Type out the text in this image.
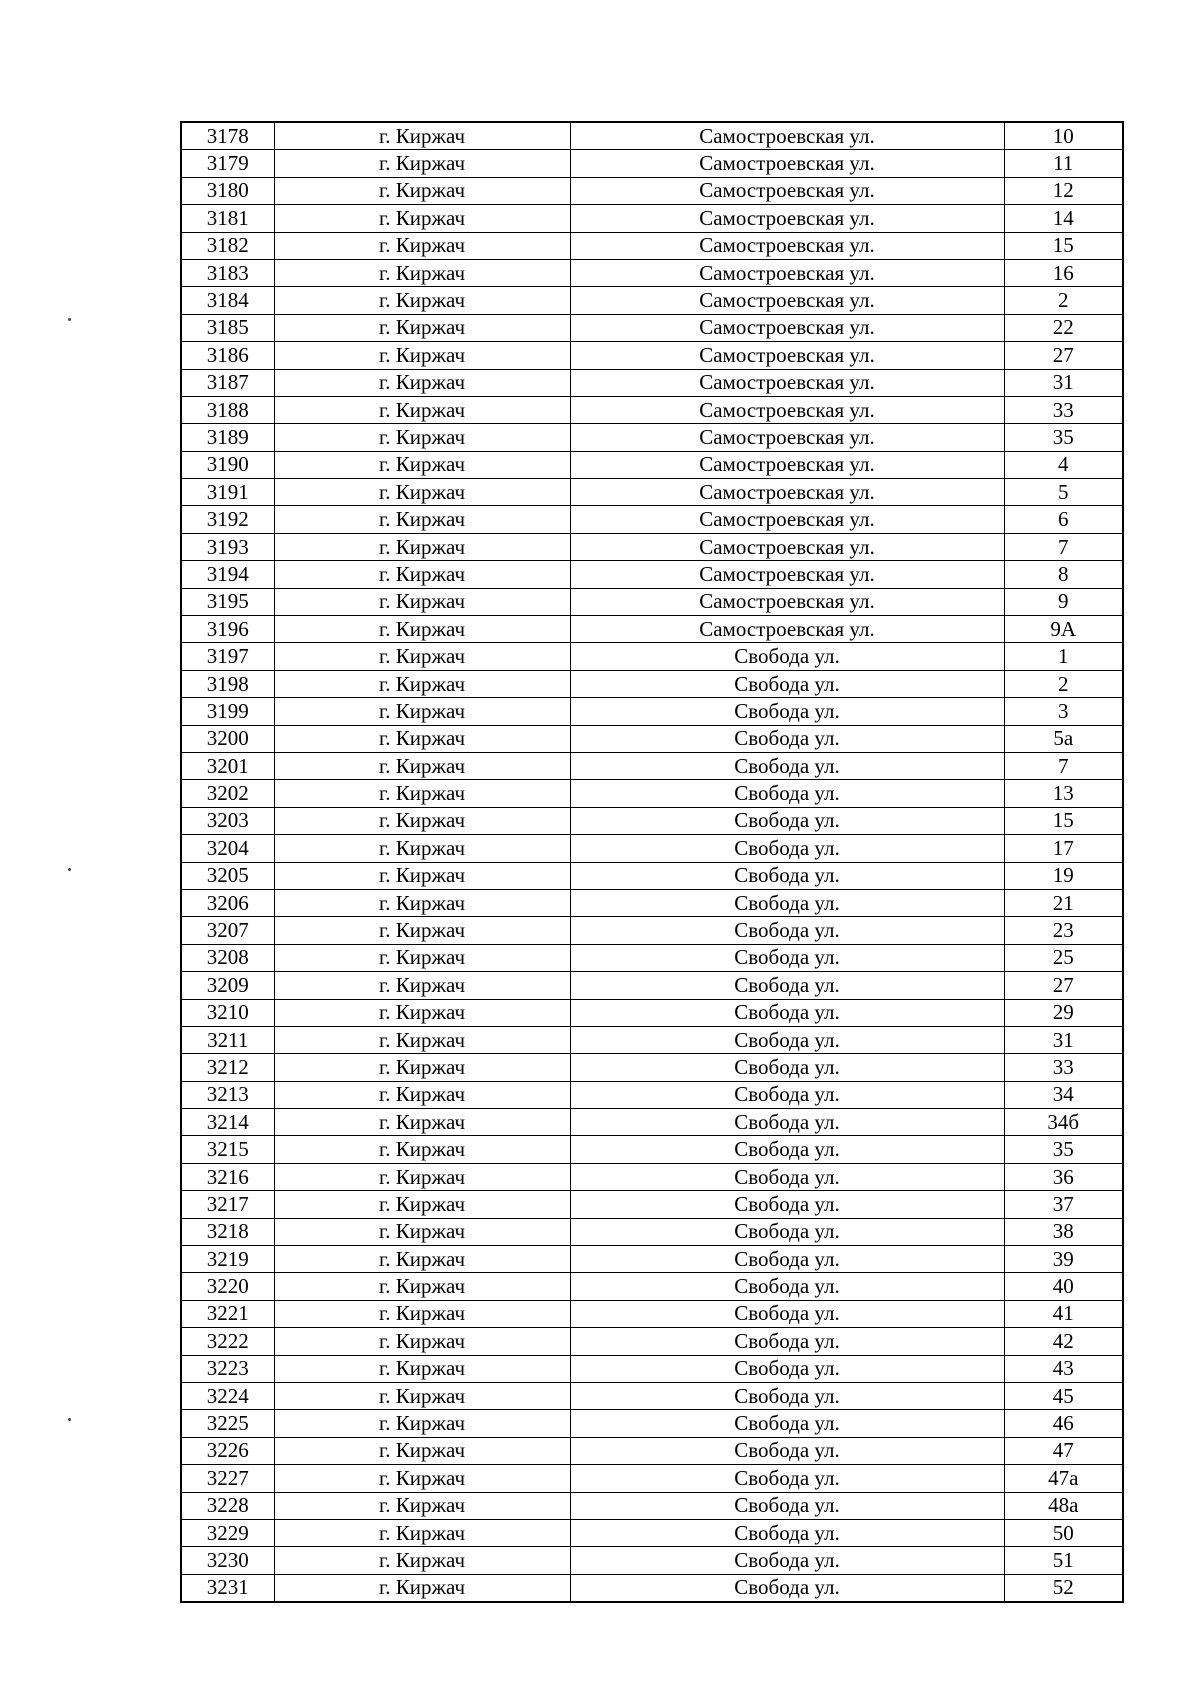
3178	г. Киржач	Самостроевская ул.	10
3179	г. Киржач	Самостроевская ул.	11
3180	г. Киржач	Самостроевская ул.	12
3181	г. Киржач	Самостроевская ул.	14
3182	г. Киржач	Самостроевская ул.	15
3183	г. Киржач	Самостроевская ул.	16
3184	г. Киржач	Самостроевская ул.	2
3185	г. Киржач	Самостроевская ул.	22
3186	г. Киржач	Самостроевская ул.	27
3187	г. Киржач	Самостроевская ул.	31
3188	г. Киржач	Самостроевская ул.	33
3189	г. Киржач	Самостроевская ул.	35
3190	г. Киржач	Самостроевская ул.	4
3191	г. Киржач	Самостроевская ул.	5
3192	г. Киржач	Самостроевская ул.	6
3193	г. Киржач	Самостроевская ул.	7
3194	г. Киржач	Самостроевская ул.	8
3195	г. Киржач	Самостроевская ул.	9
3196	г. Киржач	Самостроевская ул.	9А
3197	г. Киржач	Свобода ул.	1
3198	г. Киржач	Свобода ул.	2
3199	г. Киржач	Свобода ул.	3
3200	г. Киржач	Свобода ул.	5а
3201	г. Киржач	Свобода ул.	7
3202	г. Киржач	Свобода ул.	13
3203	г. Киржач	Свобода ул.	15
3204	г. Киржач	Свобода ул.	17
3205	г. Киржач	Свобода ул.	19
3206	г. Киржач	Свобода ул.	21
3207	г. Киржач	Свобода ул.	23
3208	г. Киржач	Свобода ул.	25
3209	г. Киржач	Свобода ул.	27
3210	г. Киржач	Свобода ул.	29
3211	г. Киржач	Свобода ул.	31
3212	г. Киржач	Свобода ул.	33
3213	г. Киржач	Свобода ул.	34
3214	г. Киржач	Свобода ул.	34б
3215	г. Киржач	Свобода ул.	35
3216	г. Киржач	Свобода ул.	36
3217	г. Киржач	Свобода ул.	37
3218	г. Киржач	Свобода ул.	38
3219	г. Киржач	Свобода ул.	39
3220	г. Киржач	Свобода ул.	40
3221	г. Киржач	Свобода ул.	41
3222	г. Киржач	Свобода ул.	42
3223	г. Киржач	Свобода ул.	43
3224	г. Киржач	Свобода ул.	45
3225	г. Киржач	Свобода ул.	46
3226	г. Киржач	Свобода ул.	47
3227	г. Киржач	Свобода ул.	47а
3228	г. Киржач	Свобода ул.	48а
3229	г. Киржач	Свобода ул.	50
3230	г. Киржач	Свобода ул.	51
3231	г. Киржач	Свобода ул.	52
